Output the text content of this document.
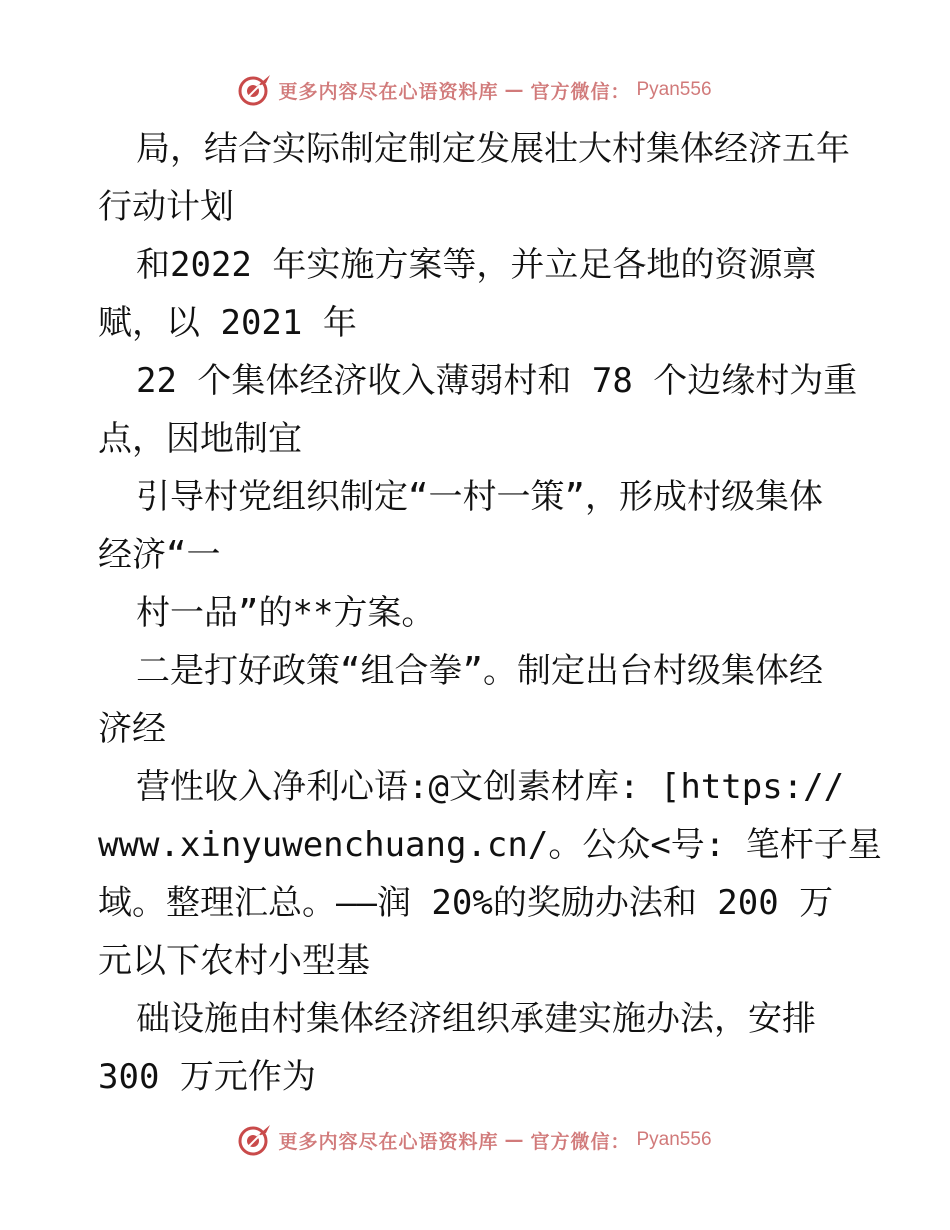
更多内容尽在心语资料库 — 官方微信： Pyan556
局，结合实际制定制定发展壮大村集体经济五年
行动计划
和2022 年实施方案等，并立足各地的资源禀
赋，以 2021 年
22 个集体经济收入薄弱村和 78 个边缘村为重
点，因地制宜
引导村党组织制定“一村一策”，形成村级集体
经济“一
村一品”的**方案。
二是打好政策“组合拳”。制定出台村级集体经
济经
营性收入净利心语:@文创素材库: [https://
www.xinyuwenchuang.cn/。公众<号: 笔杆子星
域。整理汇总。——润 20%的奖励办法和 200 万
元以下农村小型基
础设施由村集体经济组织承建实施办法，安排
300 万元作为
更多内容尽在心语资料库 — 官方微信： Pyan556
